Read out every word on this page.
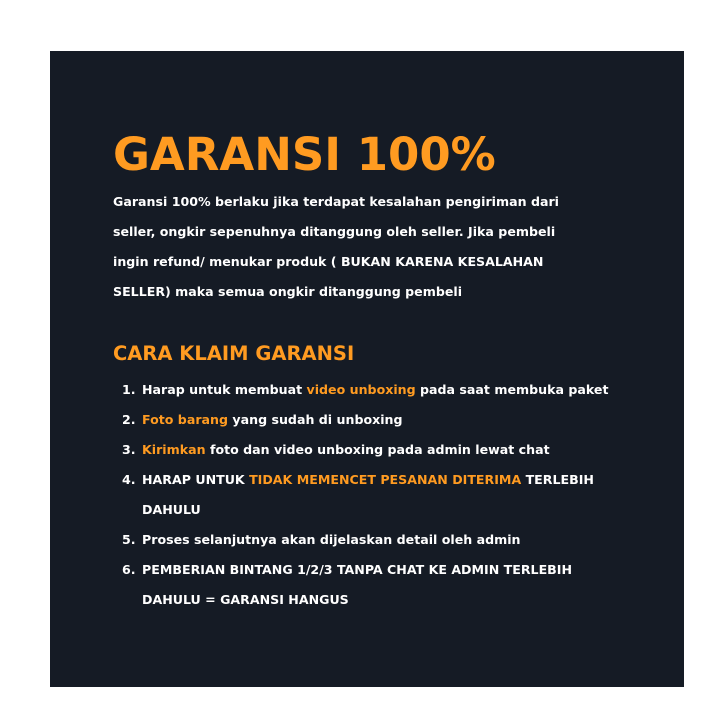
GARANSI 100%

Garansi 100% berlaku jika terdapat kesalahan pengiriman dari
seller, ongkir sepenuhnya ditanggung oleh seller. Jika pembeli
ingin refund/ menukar produk ( BUKAN KARENA KESALAHAN
SELLER) maka semua ongkir ditanggung pembeli

CARA KLAIM GARANSI
1. Harap untuk membuat video unboxing pada saat membuka paket
2. Foto barang yang sudah di unboxing
3. Kirimkan foto dan video unboxing pada admin lewat chat
4. HARAP UNTUK TIDAK MEMENCET PESANAN DITERIMA TERLEBIH
DAHULU
5. Proses selanjutnya akan dijelaskan detail oleh admin
6. PEMBERIAN BINTANG 1/2/3 TANPA CHAT KE ADMIN TERLEBIH
DAHULU = GARANSI HANGUS
